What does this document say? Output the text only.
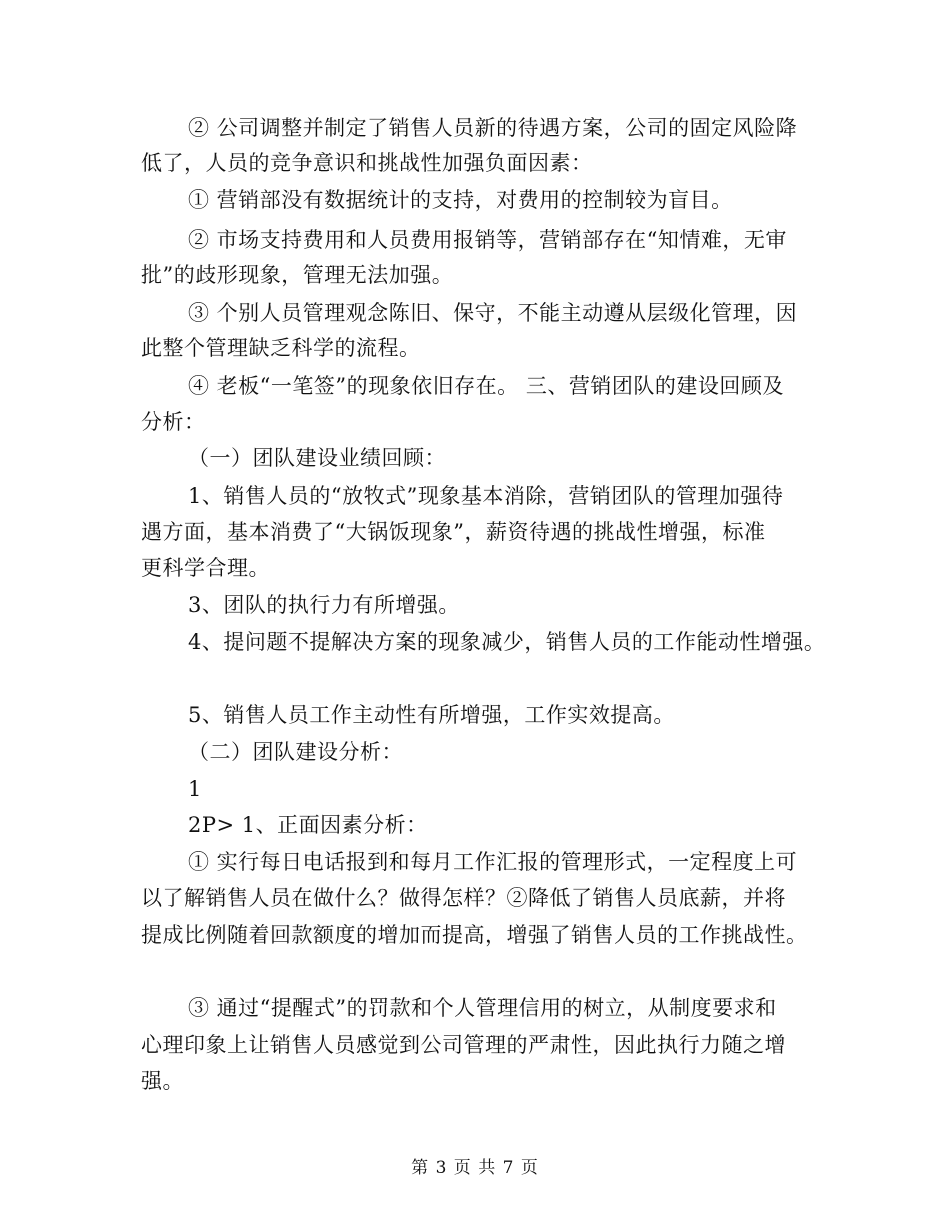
② 公司调整并制定了销售人员新的待遇方案，公司的固定风险降
低了，人员的竞争意识和挑战性加强负面因素：
① 营销部没有数据统计的支持，对费用的控制较为盲目。
② 市场支持费用和人员费用报销等，营销部存在“知情难，无审
批”的歧形现象，管理无法加强。
③ 个别人员管理观念陈旧、保守，不能主动遵从层级化管理，因
此整个管理缺乏科学的流程。
④ 老板“一笔签”的现象依旧存在。 三、营销团队的建设回顾及
分析：
（一）团队建设业绩回顾：
1、销售人员的“放牧式”现象基本消除，营销团队的管理加强待
遇方面，基本消费了“大锅饭现象”，薪资待遇的挑战性增强，标准
更科学合理。
3、团队的执行力有所增强。
4、提问题不提解决方案的现象减少，销售人员的工作能动性增强。
5、销售人员工作主动性有所增强，工作实效提高。
（二）团队建设分析：
1
2P> 1、正面因素分析：
① 实行每日电话报到和每月工作汇报的管理形式，一定程度上可
以了解销售人员在做什么？做得怎样？②降低了销售人员底薪，并将
提成比例随着回款额度的增加而提高，增强了销售人员的工作挑战性。
③ 通过“提醒式”的罚款和个人管理信用的树立，从制度要求和
心理印象上让销售人员感觉到公司管理的严肃性，因此执行力随之增
强。
第 3 页 共 7 页
